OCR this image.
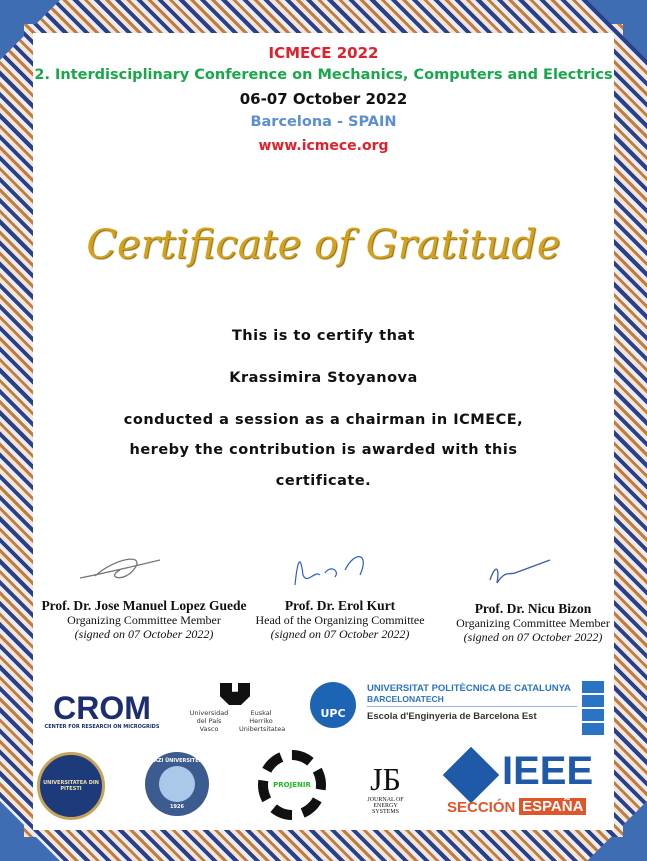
ICMECE 2022
2. Interdisciplinary Conference on Mechanics, Computers and Electrics
06-07 October 2022
Barcelona - SPAIN
www.icmece.org
Certificate of Gratitude
This is to certify that
Krassimira Stoyanova
conducted a session as a chairman in ICMECE,
hereby the contribution is awarded with this
certificate.
Prof. Dr. Jose Manuel Lopez Guede
Organizing Committee Member
(signed on 07 October 2022)
Prof. Dr. Erol Kurt
Head of the Organizing Committee
(signed on 07 October 2022)
Prof. Dr. Nicu Bizon
Organizing Committee Member
(signed on 07 October 2022)
CROM
CENTER FOR RESEARCH ON MICROGRIDS
Universidad del País Vasco
Euskal Herriko Unibertsitatea
UPC
UNIVERSITAT POLITÈCNICA DE CATALUNYA
BARCELONATECH
Escola d'Enginyeria de Barcelona Est
UNIVERSITATEA DIN PITESTI
GAZI ÜNIVERSITESI
1926
PROJENIR	JƂ
JOURNAL OF ENERGY SYSTEMS
IEEE
SECCIÓN ESPAÑA
